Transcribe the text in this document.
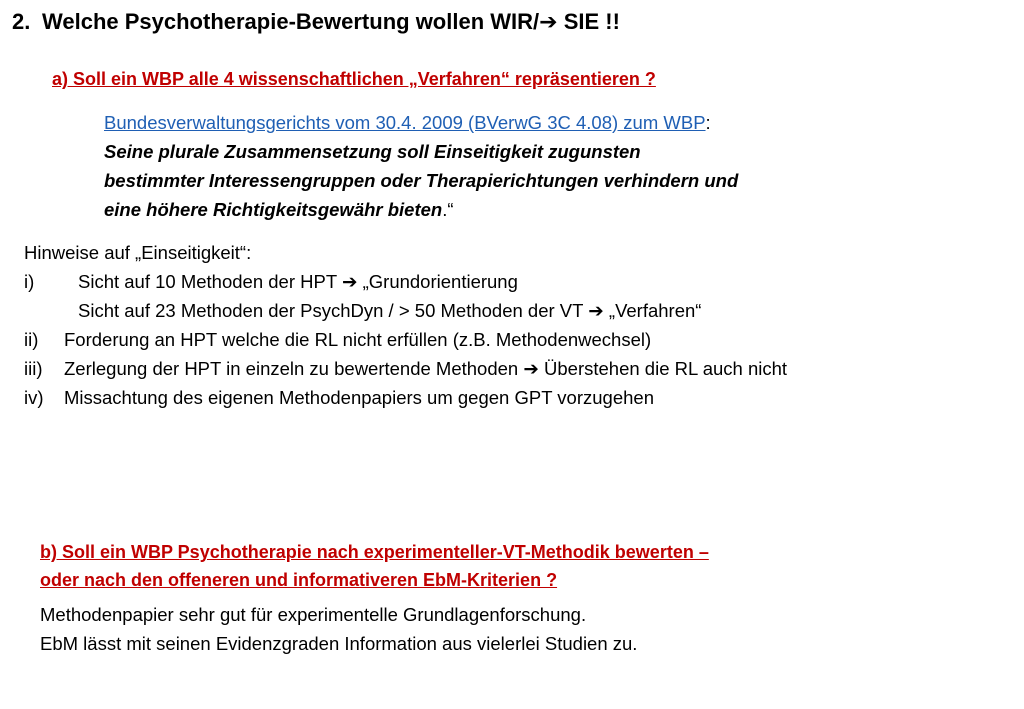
2. Welche Psychotherapie-Bewertung wollen WIR/➔ SIE !!
a) Soll ein WBP alle 4 wissenschaftlichen „Verfahren“ repräsentieren ?
Bundesverwaltungsgerichts vom 30.4. 2009 (BVerwG 3C 4.08) zum WBP:
Seine plurale Zusammensetzung soll Einseitigkeit zugunsten
bestimmter Interessengruppen oder Therapierichtungen verhindern und
eine höhere Richtigkeitsgewähr bieten.“
Hinweise auf „Einseitigkeit“:
i) Sicht auf 10 Methoden der HPT ➔ „Grundorientierung
Sicht auf 23 Methoden der PsychDyn / > 50 Methoden der VT ➔ „Verfahren“
ii) Forderung an HPT welche die RL nicht erfüllen (z.B. Methodenwechsel)
iii) Zerlegung der HPT in einzeln zu bewertende Methoden ➔ Überstehen die RL auch nicht
iv) Missachtung des eigenen Methodenpapiers um gegen GPT vorzugehen
b) Soll ein WBP Psychotherapie nach experimenteller-VT-Methodik bewerten –
oder nach den offeneren und informativeren EbM-Kriterien ?
Methodenpapier sehr gut für experimentelle Grundlagenforschung.
EbM lässt mit seinen Evidenzgraden Information aus vielerlei Studien zu.
